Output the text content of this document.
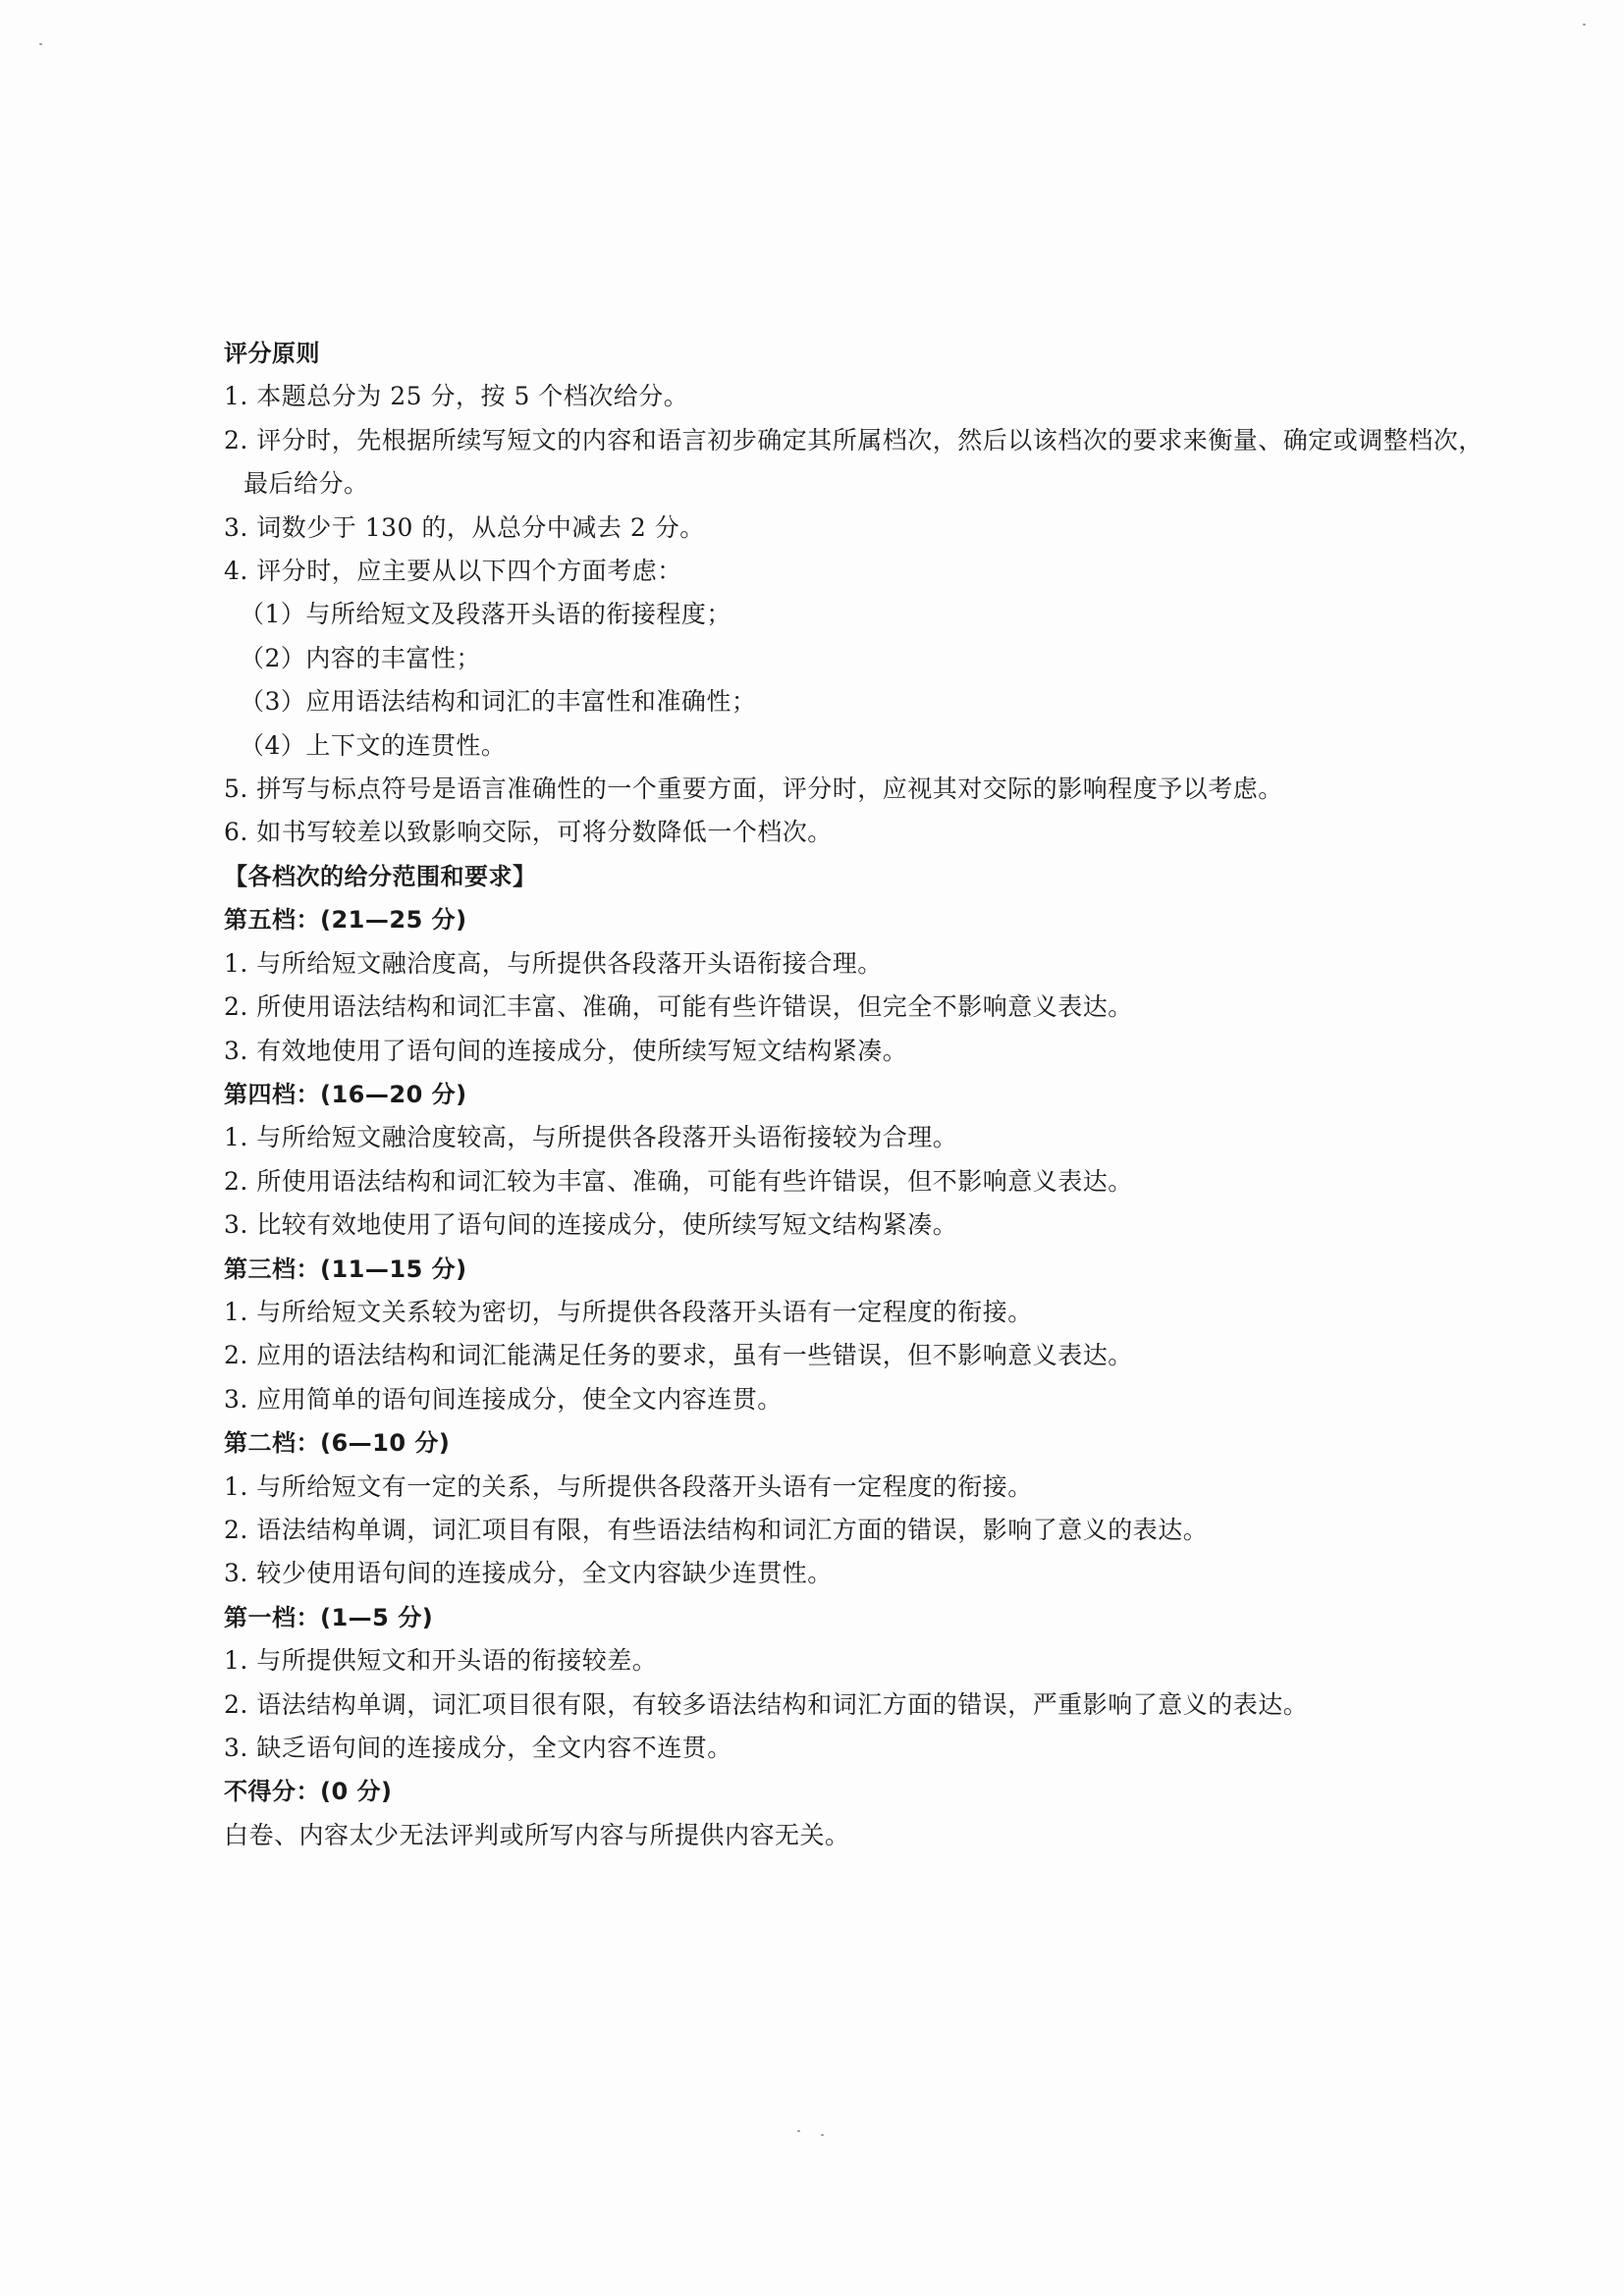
评分原则
1. 本题总分为 25 分，按 5 个档次给分。
2. 评分时，先根据所续写短文的内容和语言初步确定其所属档次，然后以该档次的要求来衡量、确定或调整档次，
最后给分。
3. 词数少于 130 的，从总分中减去 2 分。
4. 评分时，应主要从以下四个方面考虑：
（1）与所给短文及段落开头语的衔接程度；
（2）内容的丰富性；
（3）应用语法结构和词汇的丰富性和准确性；
（4）上下文的连贯性。
5. 拼写与标点符号是语言准确性的一个重要方面，评分时，应视其对交际的影响程度予以考虑。
6. 如书写较差以致影响交际，可将分数降低一个档次。
【各档次的给分范围和要求】
第五档：(21—25 分)
1. 与所给短文融洽度高，与所提供各段落开头语衔接合理。
2. 所使用语法结构和词汇丰富、准确，可能有些许错误，但完全不影响意义表达。
3. 有效地使用了语句间的连接成分，使所续写短文结构紧凑。
第四档：(16—20 分)
1. 与所给短文融洽度较高，与所提供各段落开头语衔接较为合理。
2. 所使用语法结构和词汇较为丰富、准确，可能有些许错误，但不影响意义表达。
3. 比较有效地使用了语句间的连接成分，使所续写短文结构紧凑。
第三档：(11—15 分)
1. 与所给短文关系较为密切，与所提供各段落开头语有一定程度的衔接。
2. 应用的语法结构和词汇能满足任务的要求，虽有一些错误，但不影响意义表达。
3. 应用简单的语句间连接成分，使全文内容连贯。
第二档：(6—10 分)
1. 与所给短文有一定的关系，与所提供各段落开头语有一定程度的衔接。
2. 语法结构单调，词汇项目有限，有些语法结构和词汇方面的错误，影响了意义的表达。
3. 较少使用语句间的连接成分，全文内容缺少连贯性。
第一档：(1—5 分)
1. 与所提供短文和开头语的衔接较差。
2. 语法结构单调，词汇项目很有限，有较多语法结构和词汇方面的错误，严重影响了意义的表达。
3. 缺乏语句间的连接成分，全文内容不连贯。
不得分：(0 分)
白卷、内容太少无法评判或所写内容与所提供内容无关。
